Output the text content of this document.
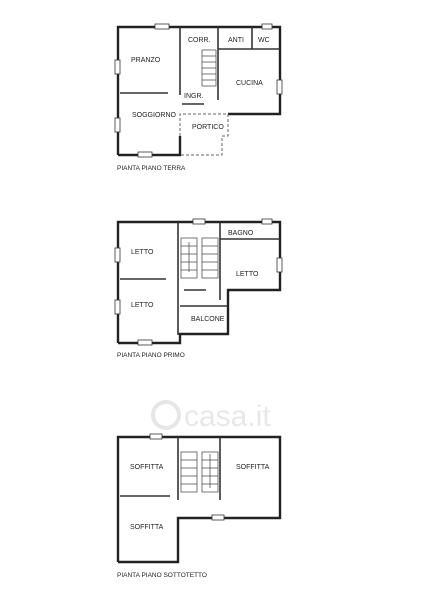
casa.it
PRANZO
CORR. ANTI WC
CUCINA
INGR.
SOGGIORNO
PORTICO
PIANTA PIANO TERRA
LETTO
BAGNO
LETTO
LETTO
BALCONE
PIANTA PIANO PRIMO
SOFFITTA	SOFFITTA
SOFFITTA
PIANTA PIANO SOTTOTETTO
